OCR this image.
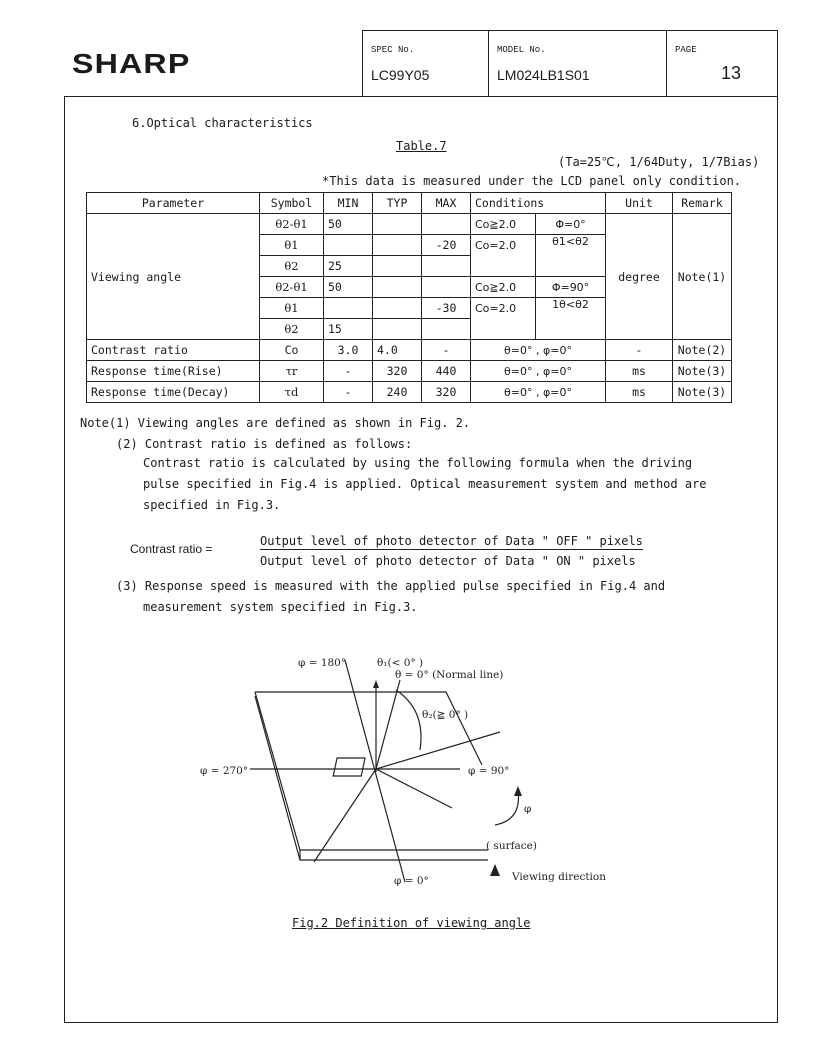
SHARP	SPEC No.
LC99Y05
MODEL No.
LM024LB1S01
PAGE
13
6.Optical characteristics
Table.7
(Ta=25℃, 1/64Duty, 1/7Bias)
*This data is measured under the LCD panel only condition.
Parameter	Symbol	MIN	TYP	MAX	Conditions		Unit	Remark
Viewing angle	θ2-θ1	50			Co≧2.0	Φ=0°	degree	Note(1)
	θ1			-20	Co=2.0	θ1<θ2		
	θ2	25						
	θ2-θ1	50			Co≧2.0	Φ=90°		
	θ1			-30	Co=2.0	1θ<θ2		
	θ2	15						
Contrast ratio	Co	3.0	4.0	-	θ=0° , φ=0°		-	Note(2)
Response time(Rise)	τr	-	320	440	θ=0° , φ=0°		ms	Note(3)
Response time(Decay)	τd	-	240	320	θ=0° , φ=0°		ms	Note(3)
Note(1) Viewing angles are defined as shown in Fig. 2.
(2) Contrast ratio is defined as follows:
Contrast ratio is calculated by using the following formula when the driving
pulse specified in Fig.4 is applied. Optical measurement system and method are
specified in Fig.3.
Contrast ratio =
Output level of photo detector of Data " OFF " pixels
Output level of photo detector of Data " ON " pixels
(3) Response speed is measured with the applied pulse specified in Fig.4 and
measurement system specified in Fig.3.
φ = 180°	θ₁(< 0° )
θ = 0° (Normal line)
θ₂(≧ 0° )
φ = 270°	φ = 90°
φ
( surface)
φ = 0°	Viewing direction
Fig.2 Definition of viewing angle
